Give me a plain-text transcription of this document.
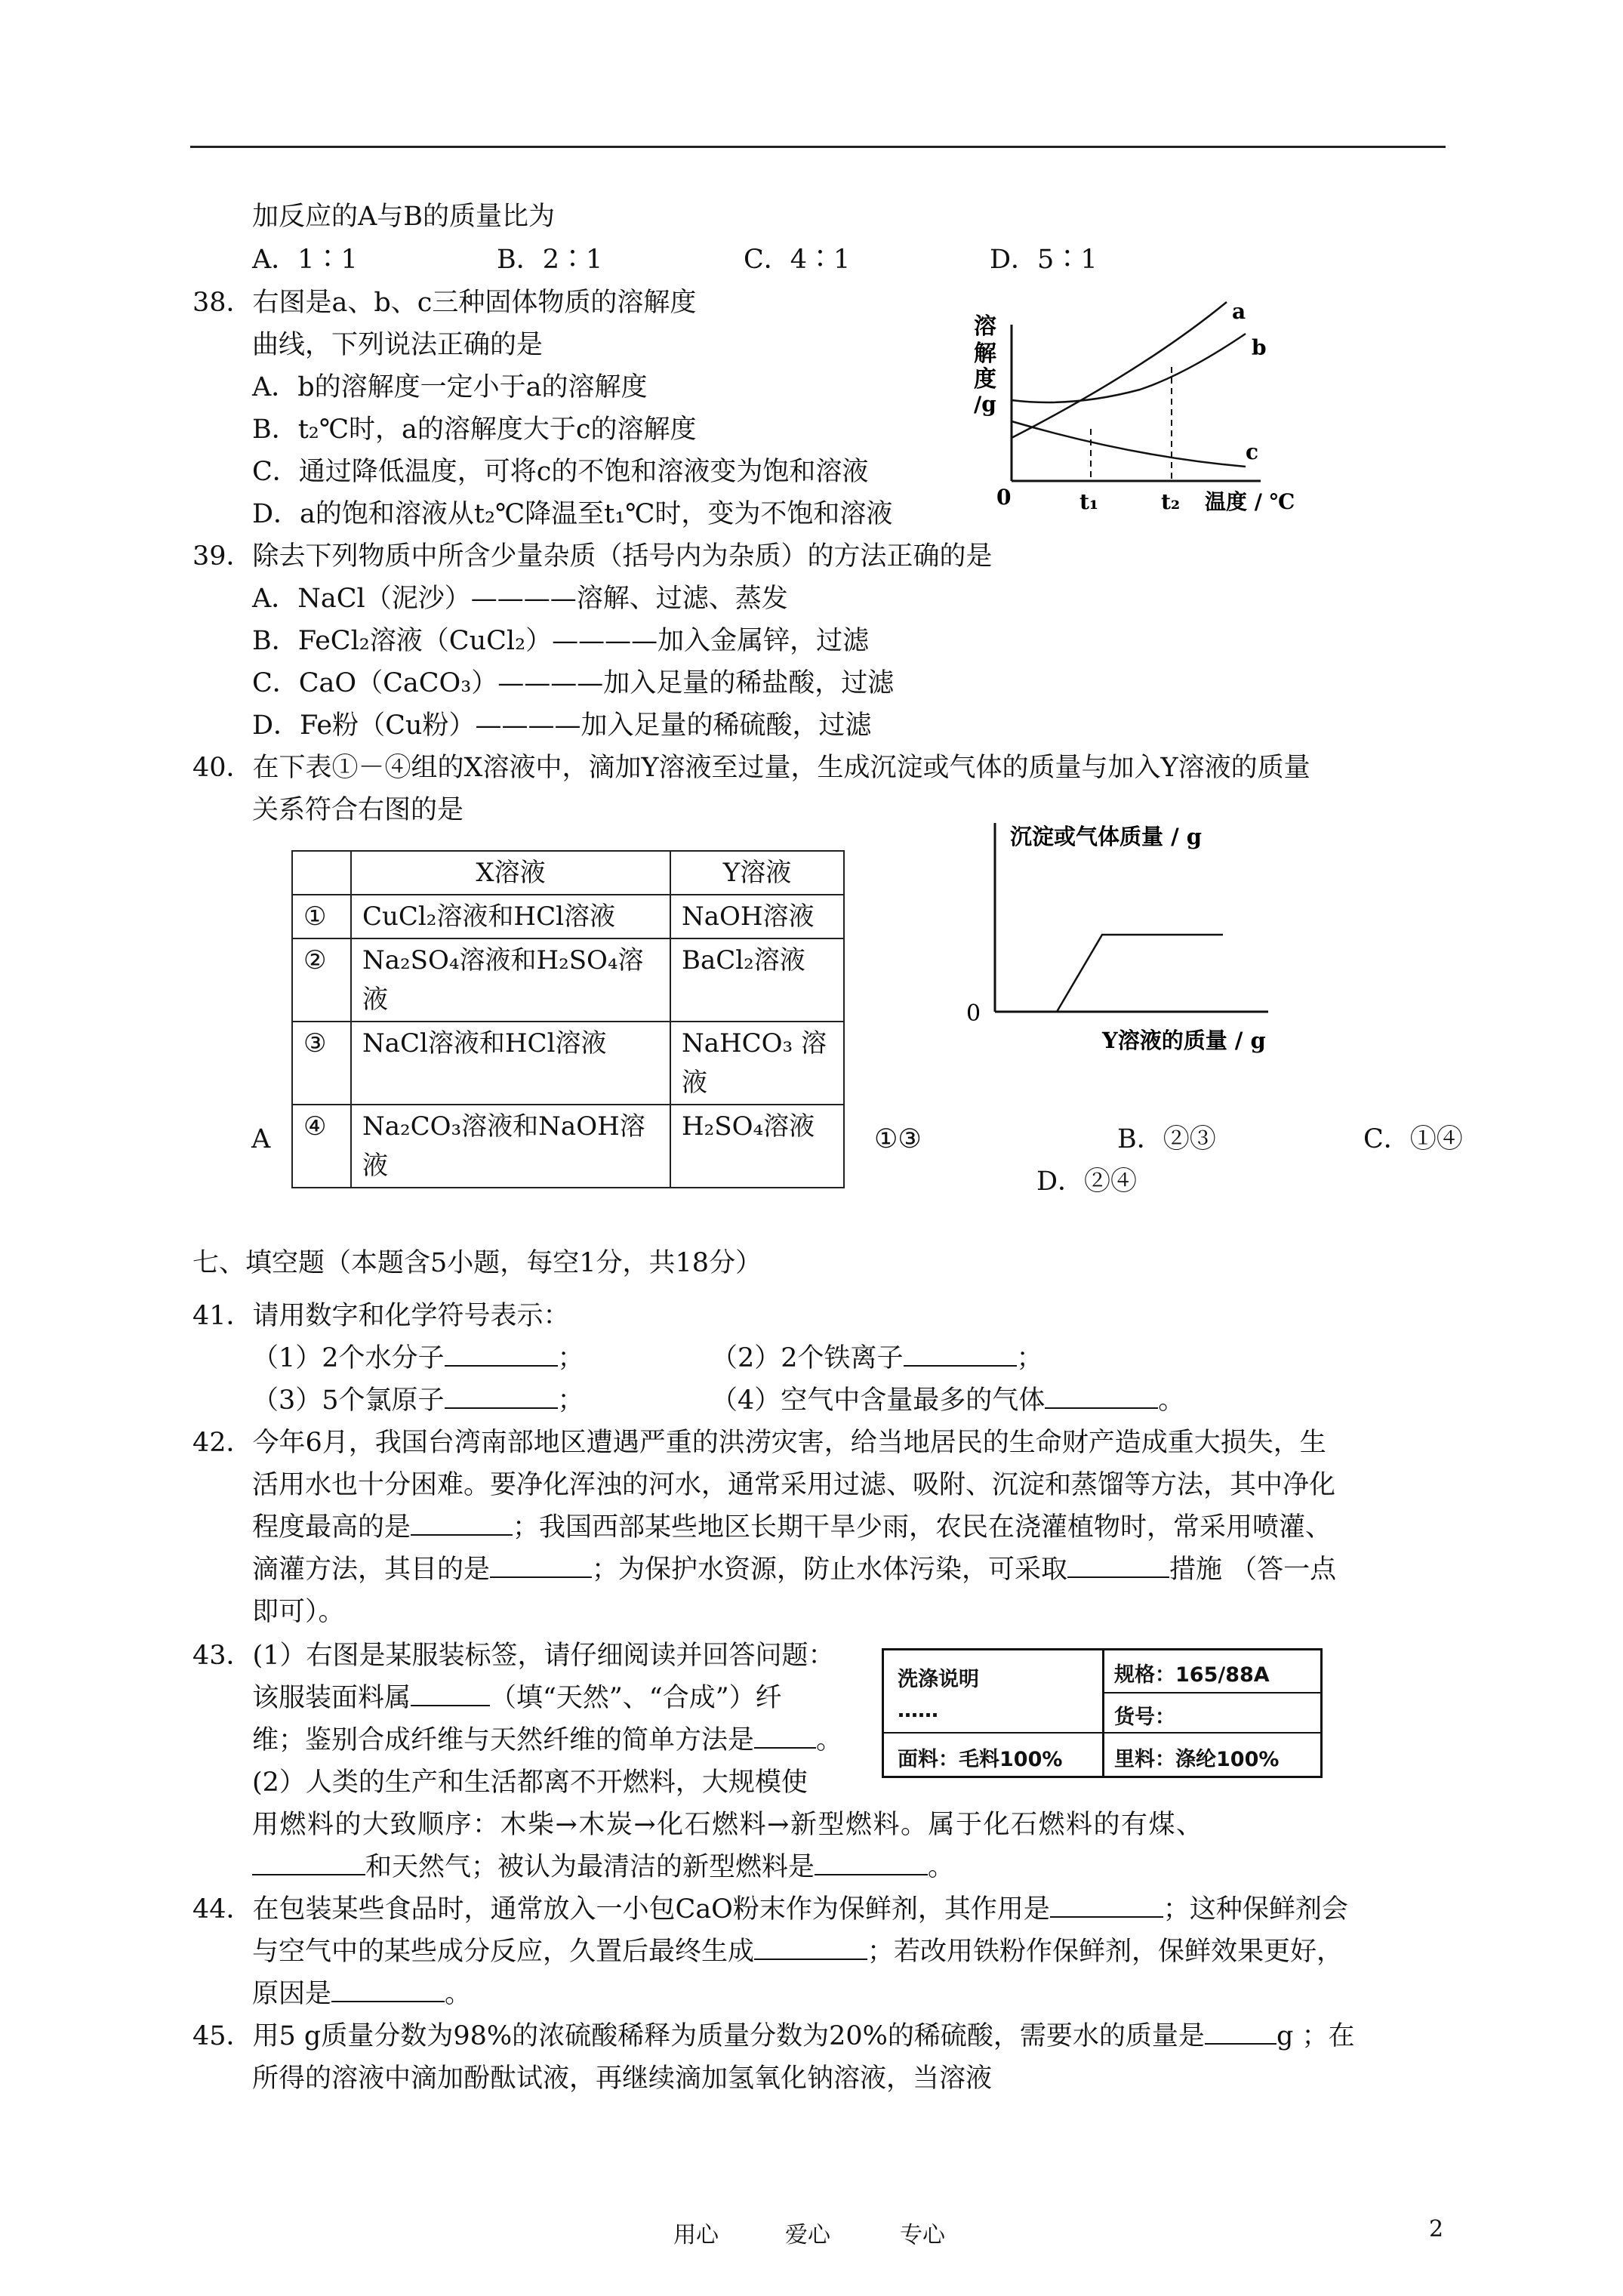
加反应的A与B的质量比为
A．1∶1	B．2∶1	C．4∶1	D．5∶1
38．右图是a、b、c三种固体物质的溶解度
曲线，下列说法正确的是
A．b的溶解度一定小于a的溶解度
B．t₂℃时，a的溶解度大于c的溶解度
C．通过降低温度，可将c的不饱和溶液变为饱和溶液
D．a的饱和溶液从t₂℃降温至t₁℃时，变为不饱和溶液
溶
解
度
/g
a
b
c
0	t₁	t₂ 温度 / ℃
39．除去下列物质中所含少量杂质（括号内为杂质）的方法正确的是
A．NaCl（泥沙）————溶解、过滤、蒸发
B．FeCl₂溶液（CuCl₂）————加入金属锌，过滤
C．CaO（CaCO₃）————加入足量的稀盐酸，过滤
D．Fe粉（Cu粉）————加入足量的稀硫酸，过滤
40．在下表①－④组的X溶液中，滴加Y溶液至过量，生成沉淀或气体的质量与加入Y溶液的质量
关系符合右图的是
	X溶液	Y溶液
①	CuCl₂溶液和HCl溶液	NaOH溶液
②	Na₂SO₄溶液和H₂SO₄溶液	BaCl₂溶液
③	NaCl溶液和HCl溶液	NaHCO₃ 溶液

④	Na₂CO₃溶液和NaOH溶液	H₂SO₄溶液
沉淀或气体质量 / g
0
Y溶液的质量 / g
A	①③	B．②③	C．①④
D．②④
七、填空题（本题含5小题，每空1分，共18分）
41．请用数字和化学符号表示：
（1）2个水分子	；	（2）2个铁离子	；
（3）5个氯原子	；	（4）空气中含量最多的气体	。
42．今年6月，我国台湾南部地区遭遇严重的洪涝灾害，给当地居民的生命财产造成重大损失，生
活用水也十分困难。要净化浑浊的河水，通常采用过滤、吸附、沉淀和蒸馏等方法，其中净化
程度最高的是	；我国西部某些地区长期干旱少雨，农民在浇灌植物时，常采用喷灌、
滴灌方法，其目的是	；为保护水资源，防止水体污染，可采取	措施 （答一点
即可）。
43．(1）右图是某服装标签，请仔细阅读并回答问题：
该服装面料属	（填“天然”、“合成”）纤
维；鉴别合成纤维与天然纤维的简单方法是 。
(2）人类的生产和生活都离不开燃料，大规模使
用燃料的大致顺序：木柴→木炭→化石燃料→新型燃料。属于化石燃料的有煤、
和天然气；被认为最清洁的新型燃料是	。
洗涤说明
……
规格：165/88A
货号：
面料：毛料100%	里料：涤纶100%
44．在包装某些食品时，通常放入一小包CaO粉末作为保鲜剂，其作用是	；这种保鲜剂会
与空气中的某些成分反应，久置后最终生成	；若改用铁粉作保鲜剂，保鲜效果更好，
原因是	。
45．用5 g质量分数为98%的浓硫酸稀释为质量分数为20%的稀硫酸，需要水的质量是	g ；在
所得的溶液中滴加酚酞试液，再继续滴加氢氧化钠溶液，当溶液
用心	爱心	专心	2
